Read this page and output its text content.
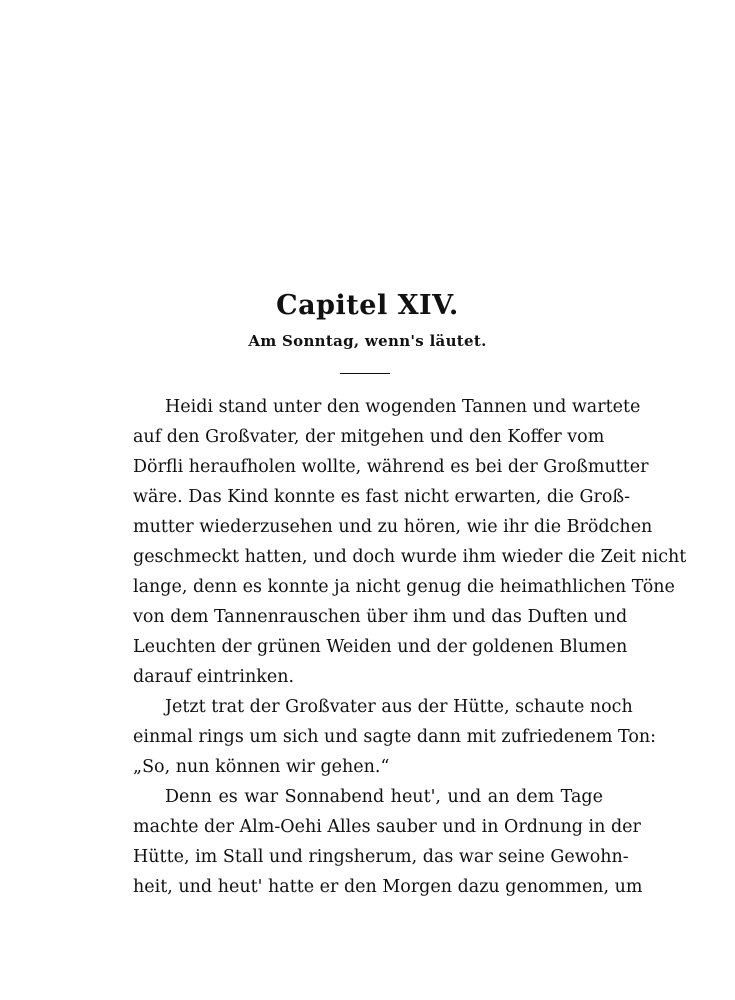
Capitel XIV.
Am Sonntag, wenn's läutet.
Heidi stand unter den wogenden Tannen und wartete
auf den Großvater, der mitgehen und den Koffer vom
Dörfli heraufholen wollte, während es bei der Großmutter
wäre. Das Kind konnte es fast nicht erwarten, die Groß-
mutter wiederzusehen und zu hören, wie ihr die Brödchen
geschmeckt hatten, und doch wurde ihm wieder die Zeit nicht
lange, denn es konnte ja nicht genug die heimathlichen Töne
von dem Tannenrauschen über ihm und das Duften und
Leuchten der grünen Weiden und der goldenen Blumen
darauf eintrinken.
Jetzt trat der Großvater aus der Hütte, schaute noch
einmal rings um sich und sagte dann mit zufriedenem Ton:
„So, nun können wir gehen.“
Denn es war Sonnabend heut', und an dem Tage
machte der Alm-Oehi Alles sauber und in Ordnung in der
Hütte, im Stall und ringsherum, das war seine Gewohn-
heit, und heut' hatte er den Morgen dazu genommen, um
